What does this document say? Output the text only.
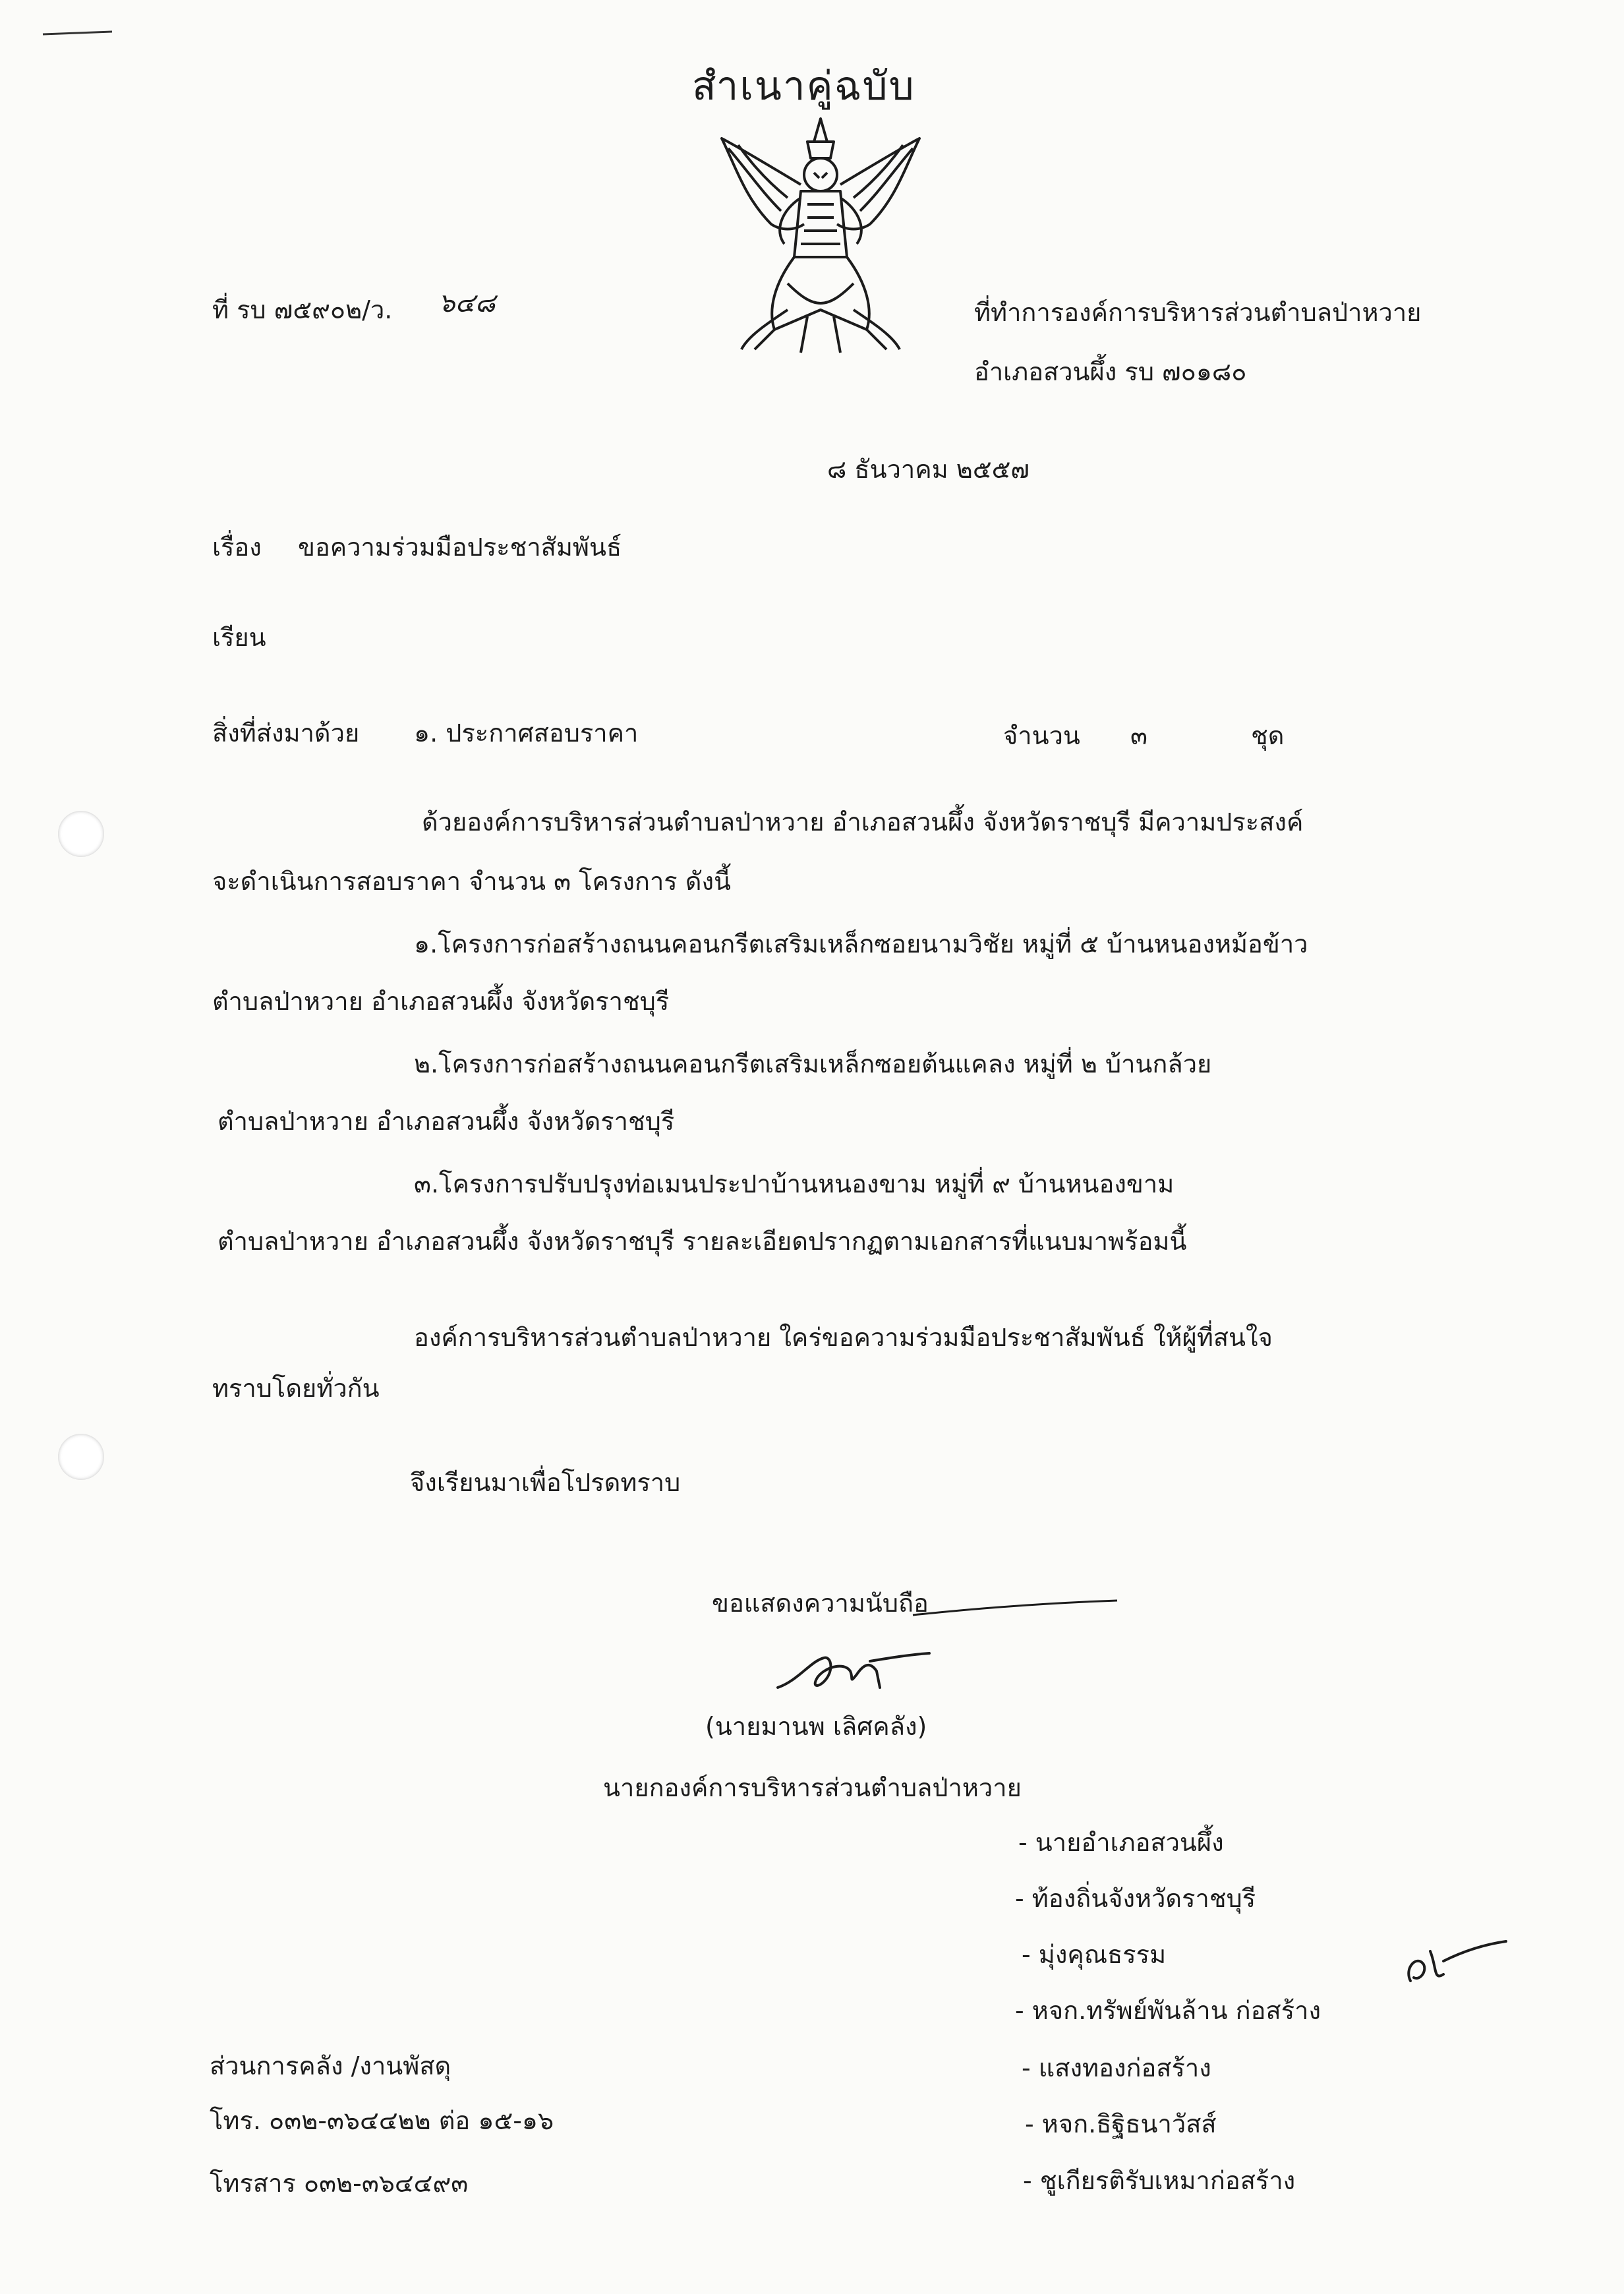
สำเนาคู่ฉบับ
ที่ รบ ๗๕๙๐๒/ว. ๖๔๘	ที่ทำการองค์การบริหารส่วนตำบลป่าหวาย
อำเภอสวนผึ้ง รบ ๗๐๑๘๐
๘ ธันวาคม ๒๕๕๗
เรื่อง ขอความร่วมมือประชาสัมพันธ์
เรียน
สิ่งที่ส่งมาด้วย ๑. ประกาศสอบราคา	จำนวน ๓	ชุด
ด้วยองค์การบริหารส่วนตำบลป่าหวาย อำเภอสวนผึ้ง จังหวัดราชบุรี มีความประสงค์
จะดำเนินการสอบราคา จำนวน ๓ โครงการ ดังนี้
๑.โครงการก่อสร้างถนนคอนกรีตเสริมเหล็กซอยนามวิชัย หมู่ที่ ๕ บ้านหนองหม้อข้าว
ตำบลป่าหวาย อำเภอสวนผึ้ง จังหวัดราชบุรี
๒.โครงการก่อสร้างถนนคอนกรีตเสริมเหล็กซอยต้นแคลง หมู่ที่ ๒ บ้านกล้วย
ตำบลป่าหวาย อำเภอสวนผึ้ง จังหวัดราชบุรี
๓.โครงการปรับปรุงท่อเมนประปาบ้านหนองขาม หมู่ที่ ๙ บ้านหนองขาม
ตำบลป่าหวาย อำเภอสวนผึ้ง จังหวัดราชบุรี รายละเอียดปรากฏตามเอกสารที่แนบมาพร้อมนี้
องค์การบริหารส่วนตำบลป่าหวาย ใคร่ขอความร่วมมือประชาสัมพันธ์ ให้ผู้ที่สนใจ
ทราบโดยทั่วกัน
จึงเรียนมาเพื่อโปรดทราบ
ขอแสดงความนับถือ
(นายมานพ เลิศคลัง)
นายกองค์การบริหารส่วนตำบลป่าหวาย
- นายอำเภอสวนผึ้ง
- ท้องถิ่นจังหวัดราชบุรี
- มุ่งคุณธรรม
- หจก.ทรัพย์พันล้าน ก่อสร้าง
- แสงทองก่อสร้าง
- หจก.ธิฐิธนาวัสส์
- ชูเกียรติรับเหมาก่อสร้าง
ส่วนการคลัง /งานพัสดุ
โทร. ๐๓๒-๓๖๔๔๒๒ ต่อ ๑๕-๑๖
โทรสาร ๐๓๒-๓๖๔๔๙๓
